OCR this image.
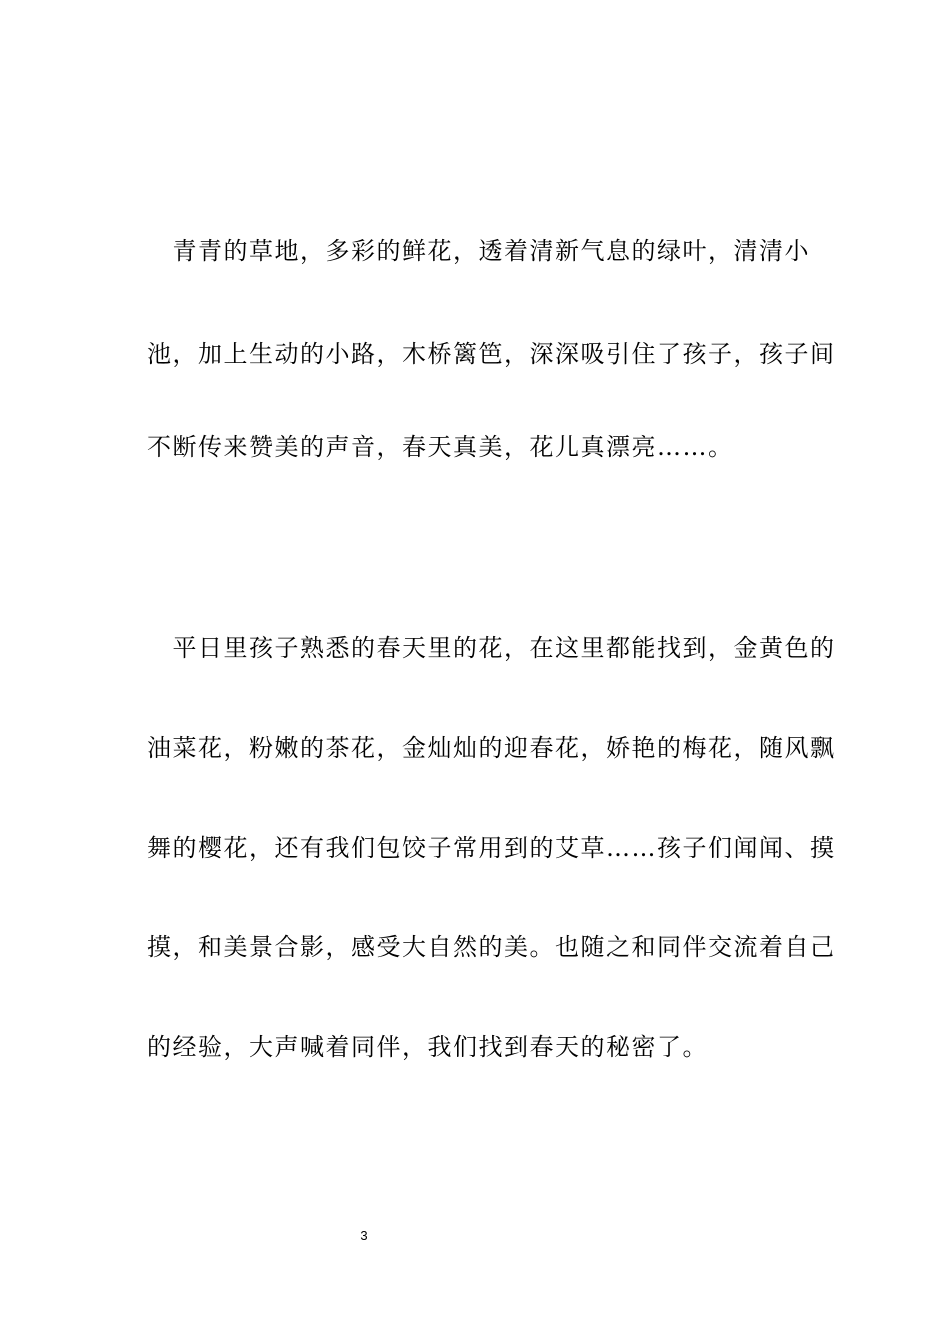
　青青的草地，多彩的鲜花，透着清新气息的绿叶，清清小
池，加上生动的小路，木桥篱笆，深深吸引住了孩子，孩子间
不断传来赞美的声音，春天真美，花儿真漂亮……。
　平日里孩子熟悉的春天里的花，在这里都能找到，金黄色的
油菜花，粉嫩的茶花，金灿灿的迎春花，娇艳的梅花，随风飘
舞的樱花，还有我们包饺子常用到的艾草……孩子们闻闻、摸
摸，和美景合影，感受大自然的美。也随之和同伴交流着自己
的经验，大声喊着同伴，我们找到春天的秘密了。
3
